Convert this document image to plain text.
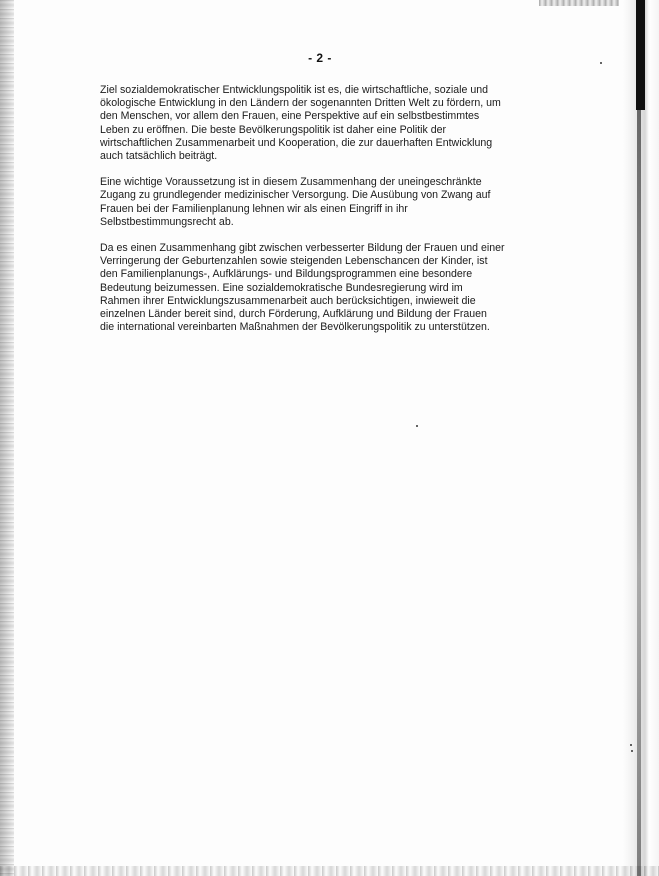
- 2 -

Ziel sozialdemokratischer Entwicklungspolitik ist es, die wirtschaftliche, soziale und
ökologische Entwicklung in den Ländern der sogenannten Dritten Welt zu fördern, um
den Menschen, vor allem den Frauen, eine Perspektive auf ein selbstbestimmtes
Leben zu eröffnen. Die beste Bevölkerungspolitik ist daher eine Politik der
wirtschaftlichen Zusammenarbeit und Kooperation, die zur dauerhaften Entwicklung
auch tatsächlich beiträgt.

Eine wichtige Voraussetzung ist in diesem Zusammenhang der uneingeschränkte
Zugang zu grundlegender medizinischer Versorgung. Die Ausübung von Zwang auf
Frauen bei der Familienplanung lehnen wir als einen Eingriff in ihr
Selbstbestimmungsrecht ab.

Da es einen Zusammenhang gibt zwischen verbesserter Bildung der Frauen und einer
Verringerung der Geburtenzahlen sowie steigenden Lebenschancen der Kinder, ist
den Familienplanungs-, Aufklärungs- und Bildungsprogrammen eine besondere
Bedeutung beizumessen. Eine sozialdemokratische Bundesregierung wird im
Rahmen ihrer Entwicklungszusammenarbeit auch berücksichtigen, inwieweit die
einzelnen Länder bereit sind, durch Förderung, Aufklärung und Bildung der Frauen
die international vereinbarten Maßnahmen der Bevölkerungspolitik zu unterstützen.
